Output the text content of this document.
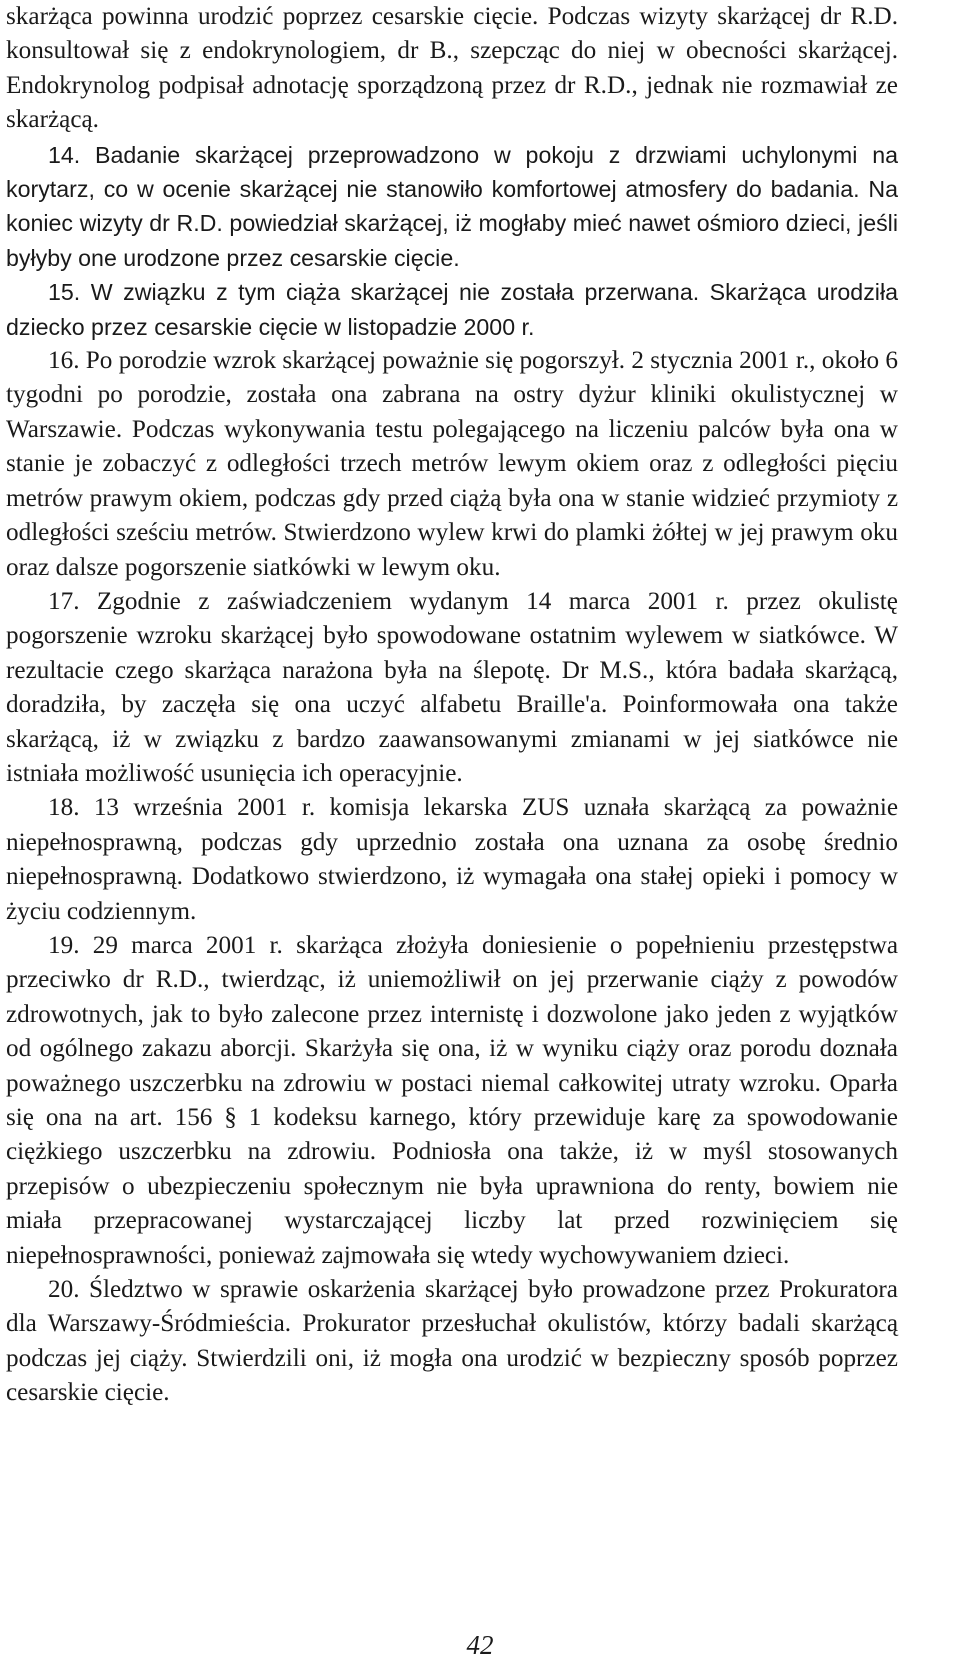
skarżąca powinna urodzić poprzez cesarskie cięcie. Podczas wizyty skarżącej dr R.D. konsultował się z endokrynologiem, dr B., szepcząc do niej w obecności skarżącej. Endokrynolog podpisał adnotację sporządzoną przez dr R.D., jednak nie rozmawiał ze skarżącą.

14. Badanie skarżącej przeprowadzono w pokoju z drzwiami uchylonymi na korytarz, co w ocenie skarżącej nie stanowiło komfortowej atmosfery do badania. Na koniec wizyty dr R.D. powiedział skarżącej, iż mogłaby mieć nawet ośmioro dzieci, jeśli byłyby one urodzone przez cesarskie cięcie.

15. W związku z tym ciąża skarżącej nie została przerwana. Skarżąca urodziła dziecko przez cesarskie cięcie w listopadzie 2000 r.

16. Po porodzie wzrok skarżącej poważnie się pogorszył. 2 stycznia 2001 r., około 6 tygodni po porodzie, została ona zabrana na ostry dyżur kliniki okulistycznej w Warszawie. Podczas wykonywania testu polegającego na liczeniu palców była ona w stanie je zobaczyć z odległości trzech metrów lewym okiem oraz z odległości pięciu metrów prawym okiem, podczas gdy przed ciążą była ona w stanie widzieć przymioty z odległości sześciu metrów. Stwierdzono wylew krwi do plamki żółtej w jej prawym oku oraz dalsze pogorszenie siatkówki w lewym oku.

17. Zgodnie z zaświadczeniem wydanym 14 marca 2001 r. przez okulistę pogorszenie wzroku skarżącej było spowodowane ostatnim wylewem w siatkówce. W rezultacie czego skarżąca narażona była na ślepotę. Dr M.S., która badała skarżącą, doradziła, by zaczęła się ona uczyć alfabetu Braille'a. Poinformowała ona także skarżącą, iż w związku z bardzo zaawansowanymi zmianami w jej siatkówce nie istniała możliwość usunięcia ich operacyjnie.

18. 13 września 2001 r. komisja lekarska ZUS uznała skarżącą za poważnie niepełnosprawną, podczas gdy uprzednio została ona uznana za osobę średnio niepełnosprawną. Dodatkowo stwierdzono, iż wymagała ona stałej opieki i pomocy w życiu codziennym.

19. 29 marca 2001 r. skarżąca złożyła doniesienie o popełnieniu przestępstwa przeciwko dr R.D., twierdząc, iż uniemożliwił on jej przerwanie ciąży z powodów zdrowotnych, jak to było zalecone przez internistę i dozwolone jako jeden z wyjątków od ogólnego zakazu aborcji. Skarżyła się ona, iż w wyniku ciąży oraz porodu doznała poważnego uszczerbku na zdrowiu w postaci niemal całkowitej utraty wzroku. Oparła się ona na art. 156 § 1 kodeksu karnego, który przewiduje karę za spowodowanie ciężkiego uszczerbku na zdrowiu. Podniosła ona także, iż w myśl stosowanych przepisów o ubezpieczeniu społecznym nie była uprawniona do renty, bowiem nie miała przepracowanej wystarczającej liczby lat przed rozwinięciem się niepełnosprawności, ponieważ zajmowała się wtedy wychowywaniem dzieci.

20. Śledztwo w sprawie oskarżenia skarżącej było prowadzone przez Prokuratora dla Warszawy-Śródmieścia. Prokurator przesłuchał okulistów, którzy badali skarżącą podczas jej ciąży. Stwierdzili oni, iż mogła ona urodzić w bezpieczny sposób poprzez cesarskie cięcie.

42
